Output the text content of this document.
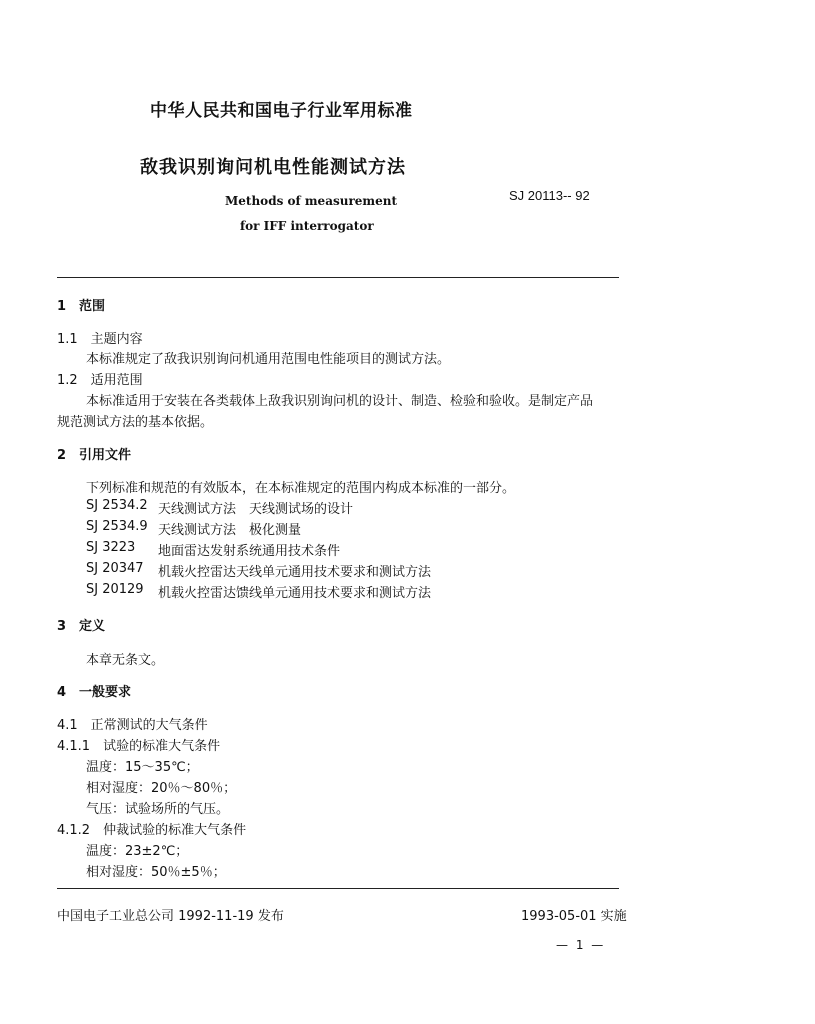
中华人民共和国电子行业军用标准
敌我识别询问机电性能测试方法
Methods of measurement
for IFF interrogator
SJ 20113-- 92
1　范围
1.1　主题内容
本标准规定了敌我识别询问机通用范围电性能项目的测试方法。
1.2　适用范围
本标准适用于安装在各类载体上敌我识别询问机的设计、制造、检验和验收。是制定产品
规范测试方法的基本依据。
2　引用文件
下列标准和规范的有效版本，在本标准规定的范围内构成本标准的一部分。
SJ 2534.2 天线测试方法　天线测试场的设计
SJ 2534.9 天线测试方法　极化测量
SJ 3223 地面雷达发射系统通用技术条件
SJ 20347 机载火控雷达天线单元通用技术要求和测试方法
SJ 20129 机载火控雷达馈线单元通用技术要求和测试方法
3　定义
本章无条文。
4　一般要求
4.1　正常测试的大气条件
4.1.1　试验的标准大气条件
温度：15～35℃；
相对湿度：20％～80％；
气压：试验场所的气压。
4.1.2　仲裁试验的标准大气条件
温度：23±2℃；
相对湿度：50％±5％；
中国电子工业总公司 1992-11-19 发布	1993-05-01 实施
— 1 —
